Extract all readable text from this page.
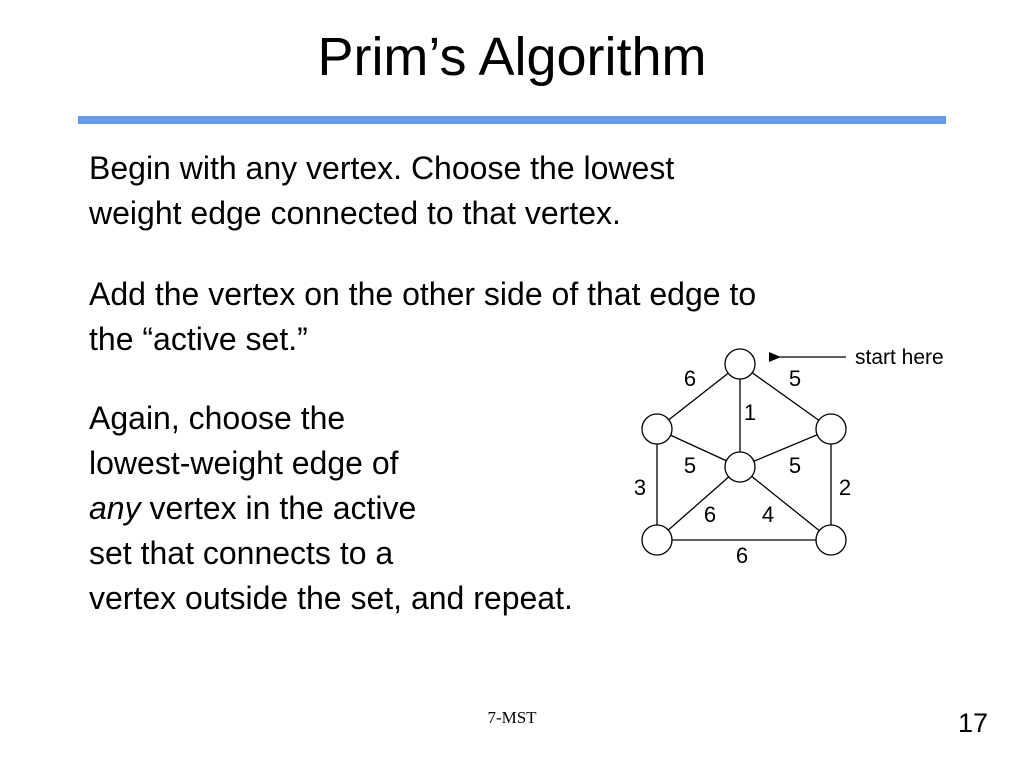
Prim’s Algorithm

Begin with any vertex. Choose the lowest
weight edge connected to that vertex.

Add the vertex on the other side of that edge to
the “active set.”

Again, choose the
lowest-weight edge of
any vertex in the active
set that connects to a
vertex outside the set, and repeat.

6	5
1
5	5
3	2
6 4
6
start here
7-MST	17
